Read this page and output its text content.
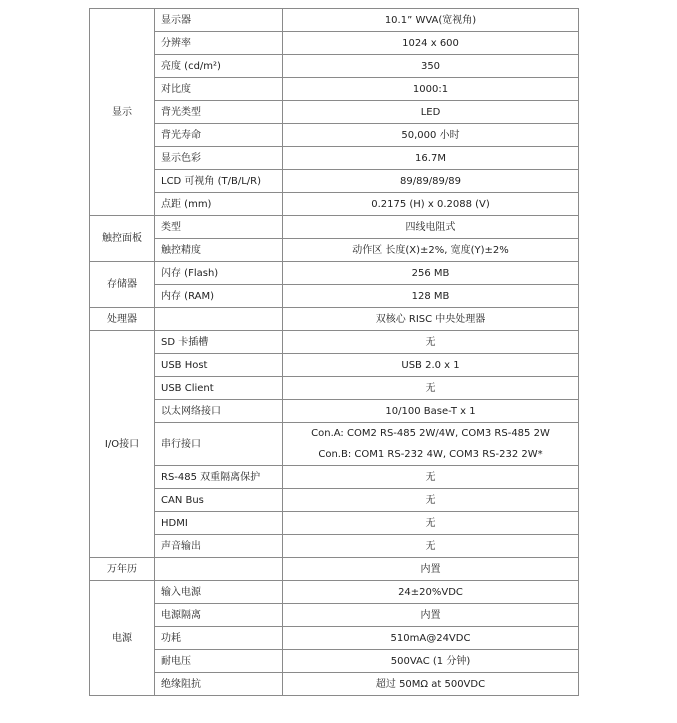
显示	显示器	10.1” WVA(宽视角)
	分辨率	1024 x 600
	亮度 (cd/m²)	350
	对比度	1000:1
	背光类型	LED
	背光寿命	50,000 小时
	显示色彩	16.7M
	LCD 可视角 (T/B/L/R)	89/89/89/89
	点距 (mm)	0.2175 (H) x 0.2088 (V)
触控面板	类型	四线电阻式
	触控精度	动作区 长度(X)±2%, 宽度(Y)±2%
存储器	闪存 (Flash)	256 MB
	内存 (RAM)	128 MB
处理器		双核心 RISC 中央处理器
I/O接口	SD 卡插槽	无
	USB Host	USB 2.0 x 1
	USB Client	无
	以太网络接口	10/100 Base-T x 1
	串行接口	Con.A: COM2 RS-485 2W/4W, COM3 RS-485 2W
Con.B: COM1 RS-232 4W, COM3 RS-232 2W*

	RS-485 双重隔离保护	无
	CAN Bus	无
	HDMI	无
	声音输出	无
万年历		内置
电源	输入电源	24±20%VDC
	电源隔离	内置
	功耗	510mA@24VDC
	耐电压	500VAC (1 分钟)
	绝缘阻抗	超过 50MΩ at 500VDC
